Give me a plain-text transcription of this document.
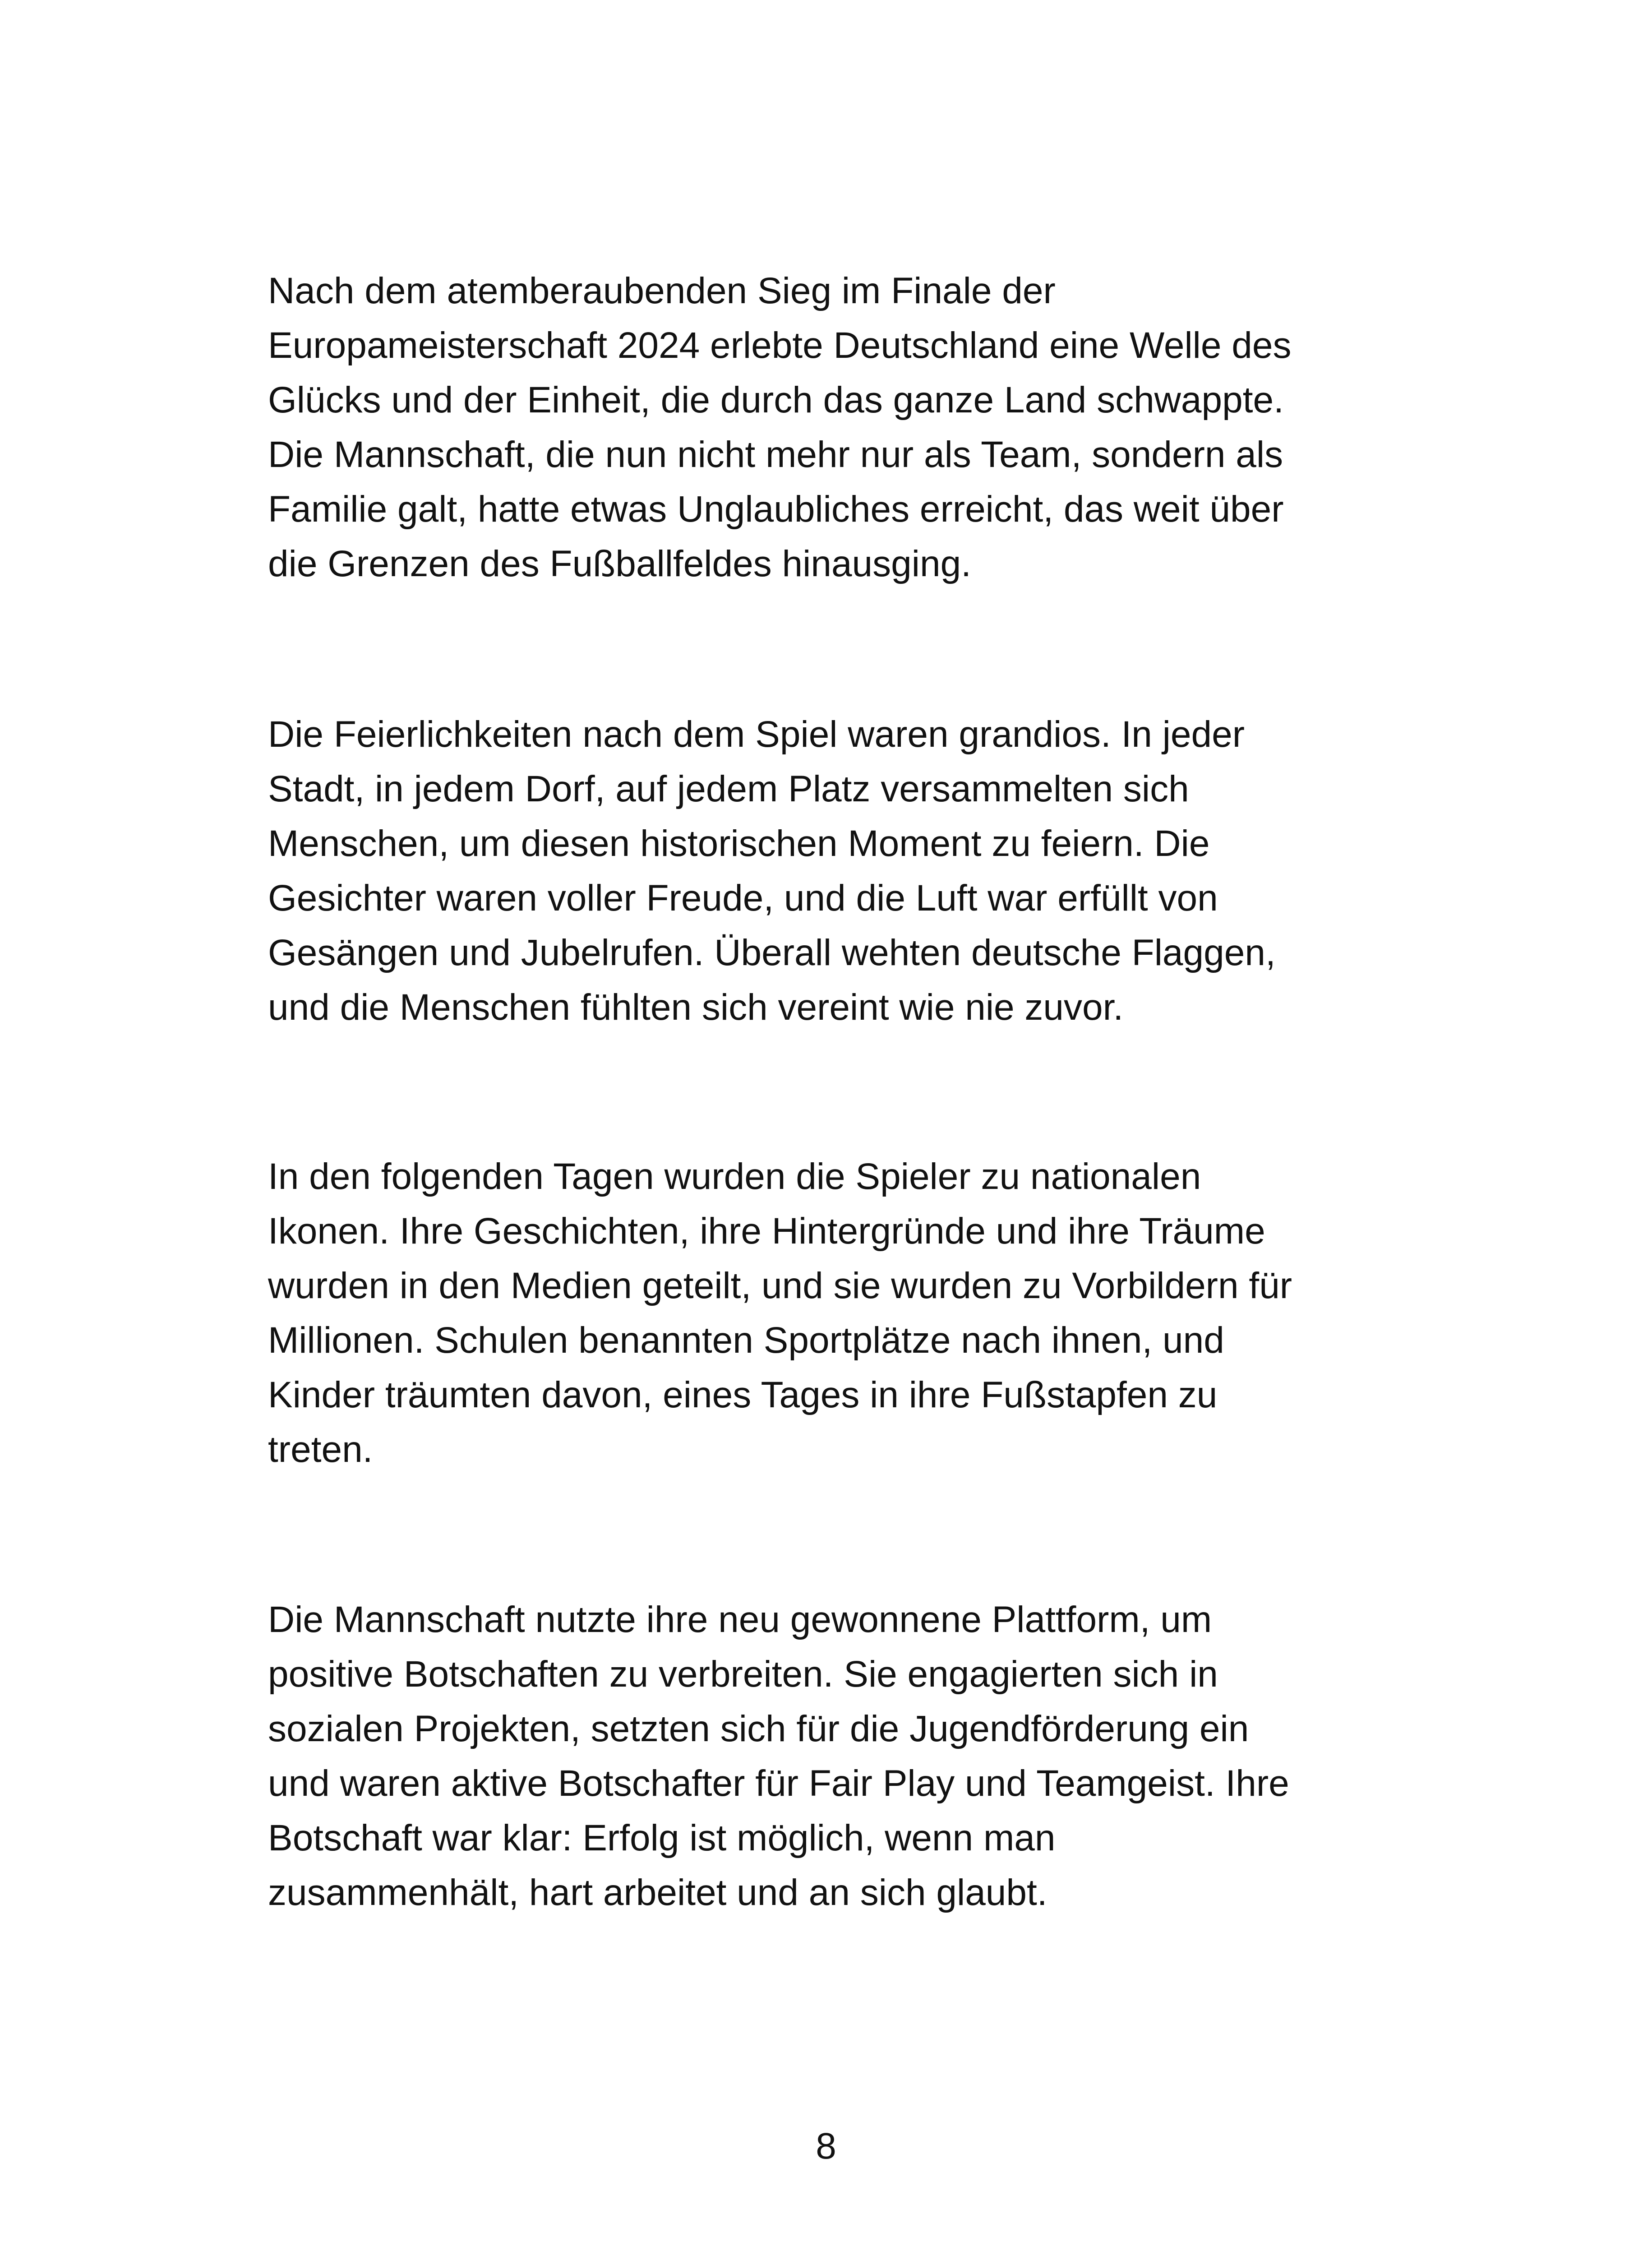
Nach dem atemberaubenden Sieg im Finale der
Europameisterschaft 2024 erlebte Deutschland eine Welle des
Glücks und der Einheit, die durch das ganze Land schwappte.
Die Mannschaft, die nun nicht mehr nur als Team, sondern als
Familie galt, hatte etwas Unglaubliches erreicht, das weit über
die Grenzen des Fußballfeldes hinausging.

Die Feierlichkeiten nach dem Spiel waren grandios. In jeder
Stadt, in jedem Dorf, auf jedem Platz versammelten sich
Menschen, um diesen historischen Moment zu feiern. Die
Gesichter waren voller Freude, und die Luft war erfüllt von
Gesängen und Jubelrufen. Überall wehten deutsche Flaggen,
und die Menschen fühlten sich vereint wie nie zuvor.

In den folgenden Tagen wurden die Spieler zu nationalen
Ikonen. Ihre Geschichten, ihre Hintergründe und ihre Träume
wurden in den Medien geteilt, und sie wurden zu Vorbildern für
Millionen. Schulen benannten Sportplätze nach ihnen, und
Kinder träumten davon, eines Tages in ihre Fußstapfen zu
treten.

Die Mannschaft nutzte ihre neu gewonnene Plattform, um
positive Botschaften zu verbreiten. Sie engagierten sich in
sozialen Projekten, setzten sich für die Jugendförderung ein
und waren aktive Botschafter für Fair Play und Teamgeist. Ihre
Botschaft war klar: Erfolg ist möglich, wenn man
zusammenhält, hart arbeitet und an sich glaubt.

8
